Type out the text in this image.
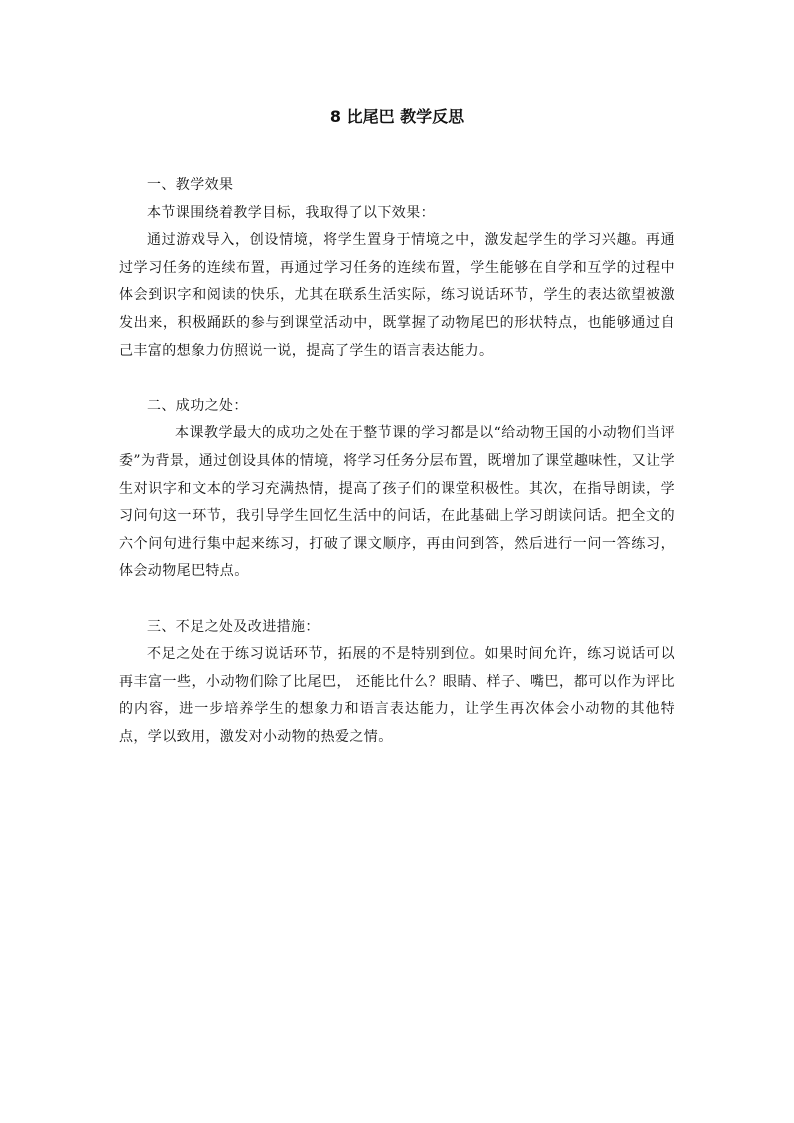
8 比尾巴 教学反思

一、教学效果

本节课围绕着教学目标，我取得了以下效果：

通过游戏导入，创设情境，将学生置身于情境之中，激发起学生的学习兴趣。再通过学习任务的连续布置，再通过学习任务的连续布置，学生能够在自学和互学的过程中体会到识字和阅读的快乐，尤其在联系生活实际，练习说话环节，学生的表达欲望被激发出来，积极踊跃的参与到课堂活动中，既掌握了动物尾巴的形状特点，也能够通过自己丰富的想象力仿照说一说，提高了学生的语言表达能力。

二、成功之处：

本课教学最大的成功之处在于整节课的学习都是以“给动物王国的小动物们当评委”为背景，通过创设具体的情境，将学习任务分层布置，既增加了课堂趣味性，又让学生对识字和文本的学习充满热情，提高了孩子们的课堂积极性。其次，在指导朗读，学习问句这一环节，我引导学生回忆生活中的问话，在此基础上学习朗读问话。把全文的六个问句进行集中起来练习，打破了课文顺序，再由问到答，然后进行一问一答练习，体会动物尾巴特点。

三、不足之处及改进措施：

不足之处在于练习说话环节，拓展的不是特别到位。如果时间允许，练习说话可以再丰富一些，小动物们除了比尾巴， 还能比什么？眼睛、样子、嘴巴，都可以作为评比的内容，进一步培养学生的想象力和语言表达能力，让学生再次体会小动物的其他特点，学以致用，激发对小动物的热爱之情。
